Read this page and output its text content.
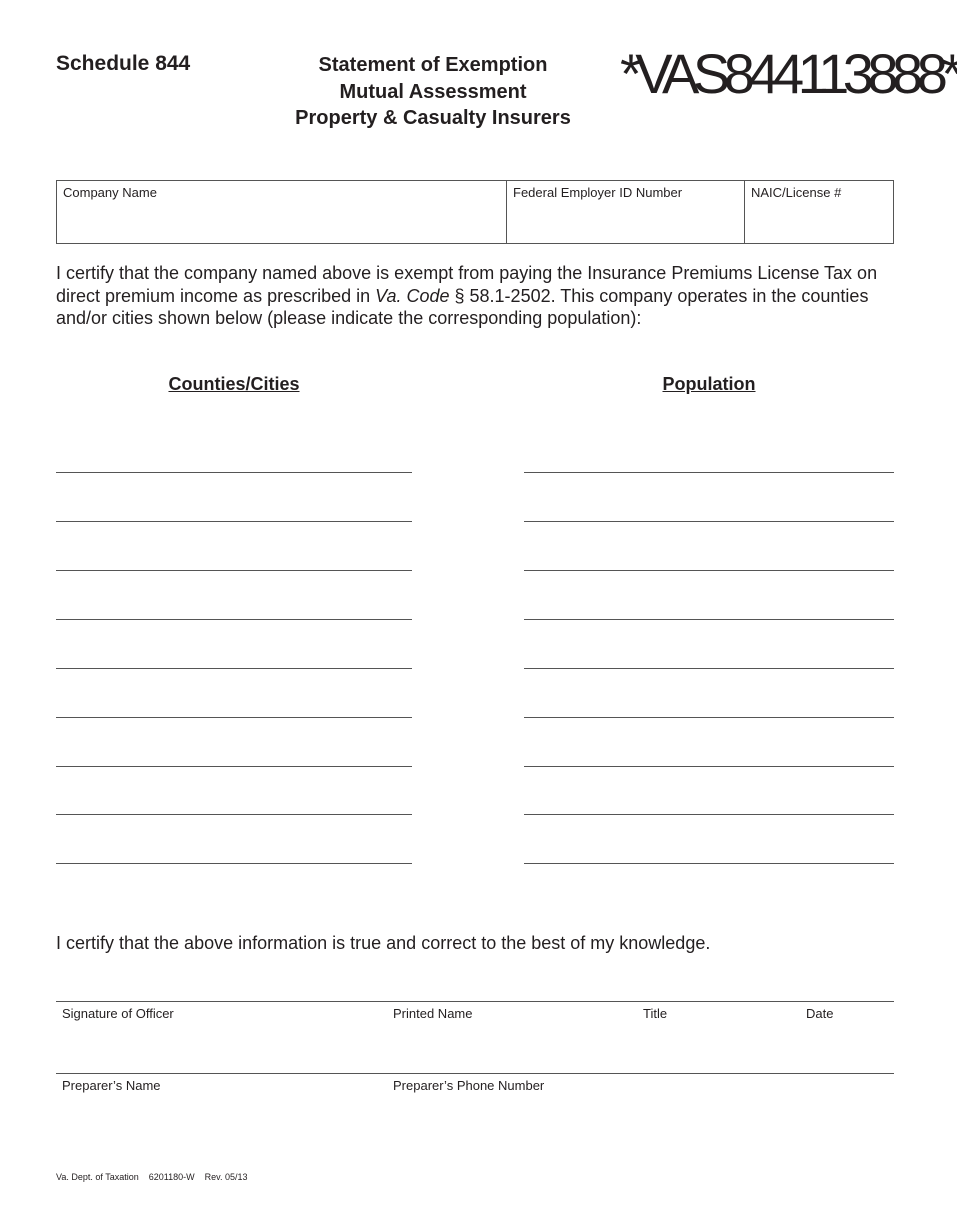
Schedule 844	Statement of Exemption
Mutual Assessment
Property & Casualty Insurers
*VAS844113888*
Company Name	Federal Employer ID Number	NAIC/License #

I certify that the company named above is exempt from paying the Insurance Premiums License Tax on direct premium income as prescribed in Va. Code § 58.1-2502. This company operates in the counties and/or cities shown below (please indicate the corresponding population):

Counties/Cities	Population

I certify that the above information is true and correct to the best of my knowledge.

Signature of Officer	Printed Name	Title	Date
Preparer’s Name	Preparer’s Phone Number
Va. Dept. of Taxation 6201180-W Rev. 05/13
